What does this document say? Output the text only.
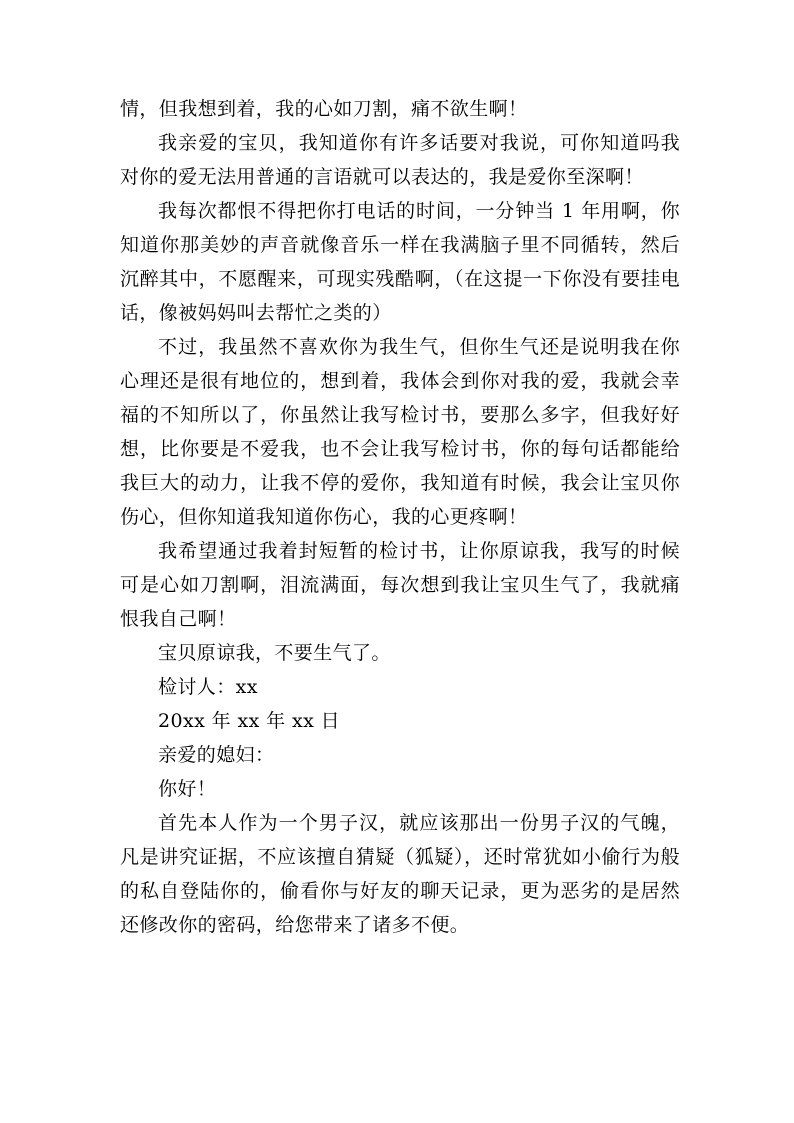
情，但我想到着，我的心如刀割，痛不欲生啊！

我亲爱的宝贝，我知道你有许多话要对我说，可你知道吗我对你的爱无法用普通的言语就可以表达的，我是爱你至深啊！

我每次都恨不得把你打电话的时间，一分钟当 1 年用啊，你知道你那美妙的声音就像音乐一样在我满脑子里不同循转，然后沉醉其中，不愿醒来，可现实残酷啊，（在这提一下你没有要挂电话，像被妈妈叫去帮忙之类的）

不过，我虽然不喜欢你为我生气，但你生气还是说明我在你心理还是很有地位的，想到着，我体会到你对我的爱，我就会幸福的不知所以了，你虽然让我写检讨书，要那么多字，但我好好想，比你要是不爱我，也不会让我写检讨书，你的每句话都能给我巨大的动力，让我不停的爱你，我知道有时候，我会让宝贝你伤心，但你知道我知道你伤心，我的心更疼啊！

我希望通过我着封短暂的检讨书，让你原谅我，我写的时候可是心如刀割啊，泪流满面，每次想到我让宝贝生气了，我就痛恨我自己啊！

宝贝原谅我，不要生气了。

检讨人：xx

20xx 年 xx 年 xx 日

亲爱的媳妇：

你好！

首先本人作为一个男子汉，就应该那出一份男子汉的气魄，凡是讲究证据，不应该擅自猜疑（狐疑），还时常犹如小偷行为般的私自登陆你的，偷看你与好友的聊天记录，更为恶劣的是居然还修改你的密码，给您带来了诸多不便。
